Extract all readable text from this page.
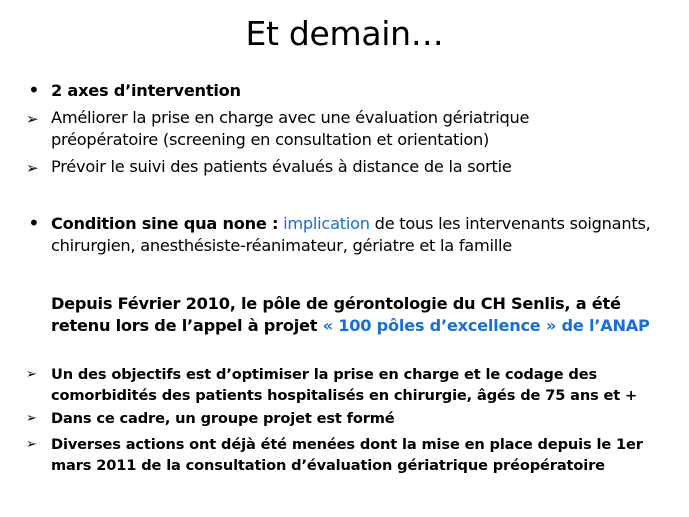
Et demain…
• 2 axes d’intervention
➢ Améliorer la prise en charge avec une évaluation gériatrique préopératoire (screening en consultation et orientation)
➢ Prévoir le suivi des patients évalués à distance de la sortie
• Condition sine qua none : implication de tous les intervenants soignants, chirurgien, anesthésiste-réanimateur, gériatre et la famille
Depuis Février 2010, le pôle de gérontologie du CH Senlis, a été retenu lors de l’appel à projet « 100 pôles d’excellence » de l’ANAP
➢ Un des objectifs est d’optimiser la prise en charge et le codage des comorbidités des patients hospitalisés en chirurgie, âgés de 75 ans et +
➢ Dans ce cadre, un groupe projet est formé
➢ Diverses actions ont déjà été menées dont la mise en place depuis le 1er mars 2011 de la consultation d’évaluation gériatrique préopératoire
